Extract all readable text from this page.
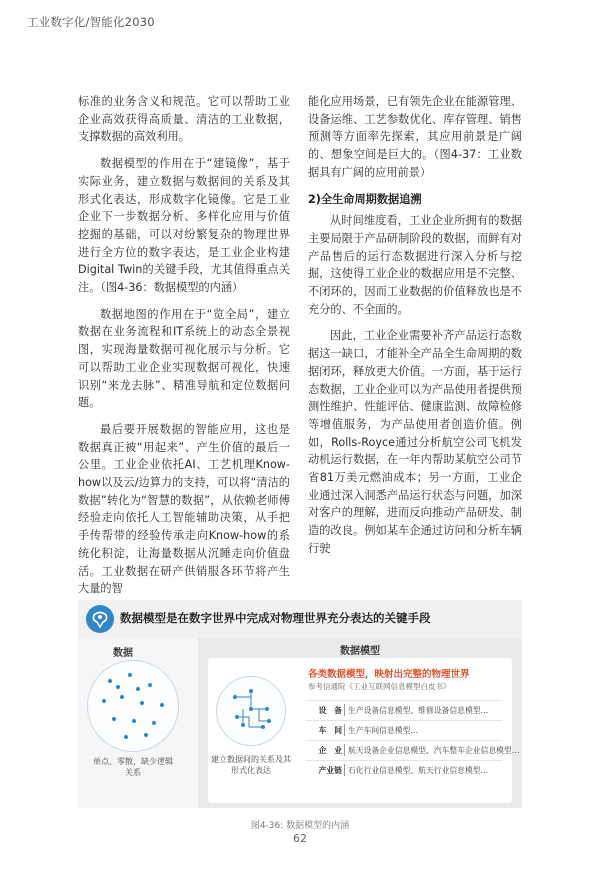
工业数字化/智能化2030

标准的业务含义和规范。它可以帮助工业企业高效获得高质量、清洁的工业数据，支撑数据的高效利用。

数据模型的作用在于“建镜像”，基于实际业务，建立数据与数据间的关系及其形式化表达，形成数字化镜像。它是工业企业下一步数据分析、多样化应用与价值挖掘的基础，可以对纷繁复杂的物理世界进行全方位的数字表达，是工业企业构建Digital Twin的关键手段，尤其值得重点关注。（图4-36：数据模型的内涵）

数据地图的作用在于“览全局”，建立数据在业务流程和IT系统上的动态全景视图，实现海量数据可视化展示与分析。它可以帮助工业企业实现数据可视化，快速识别“来龙去脉”、精准导航和定位数据问题。

最后要开展数据的智能应用，这也是数据真正被“用起来”、产生价值的最后一公里。工业企业依托AI、工艺机理Know-how以及云/边算力的支持，可以将“清洁的数据”转化为“智慧的数据”，从依赖老师傅经验走向依托人工智能辅助决策，从手把手传帮带的经验传承走向Know-how的系统化积淀，让海量数据从沉睡走向价值盘活。工业数据在研产供销服各环节将产生大量的智

能化应用场景，已有领先企业在能源管理、设备运维、工艺参数优化、库存管理、销售预测等方面率先探索，其应用前景是广阔的、想象空间是巨大的。（图4-37：工业数据具有广阔的应用前景）

2)全生命周期数据追溯

从时间维度看，工业企业所拥有的数据主要局限于产品研制阶段的数据，而鲜有对产品售后的运行态数据进行深入分析与挖掘，这使得工业企业的数据应用是不完整、不闭环的，因而工业数据的价值释放也是不充分的、不全面的。

因此，工业企业需要补齐产品运行态数据这一缺口，才能补全产品全生命周期的数据闭环，释放更大价值。一方面，基于运行态数据，工业企业可以为产品使用者提供预测性维护、性能评估、健康监测、故障检修等增值服务，为产品使用者创造价值。例如，Rolls-Royce通过分析航空公司飞机发动机运行数据，在一年内帮助某航空公司节省81万美元燃油成本；另一方面，工业企业通过深入洞悉产品运行状态与问题，加深对客户的理解，进而反向推动产品研发、制造的改良。例如某车企通过访问和分析车辆行驶

数据模型是在数字世界中完成对物理世界充分表达的关键手段
数据
单点、零散，缺少逻辑关系
数据模型
建立数据间的关系及其形式化表达
各类数据模型，映射出完整的物理世界
参考信通院《工业互联网信息模型白皮书》
设　备 生产设备信息模型、维修设备信息模型…
车　间 生产车间信息模型…
企　业 航天设备企业信息模型、汽车整车企业信息模型…
产业链 石化行业信息模型、航天行业信息模型…
图4-36: 数据模型的内涵
62
